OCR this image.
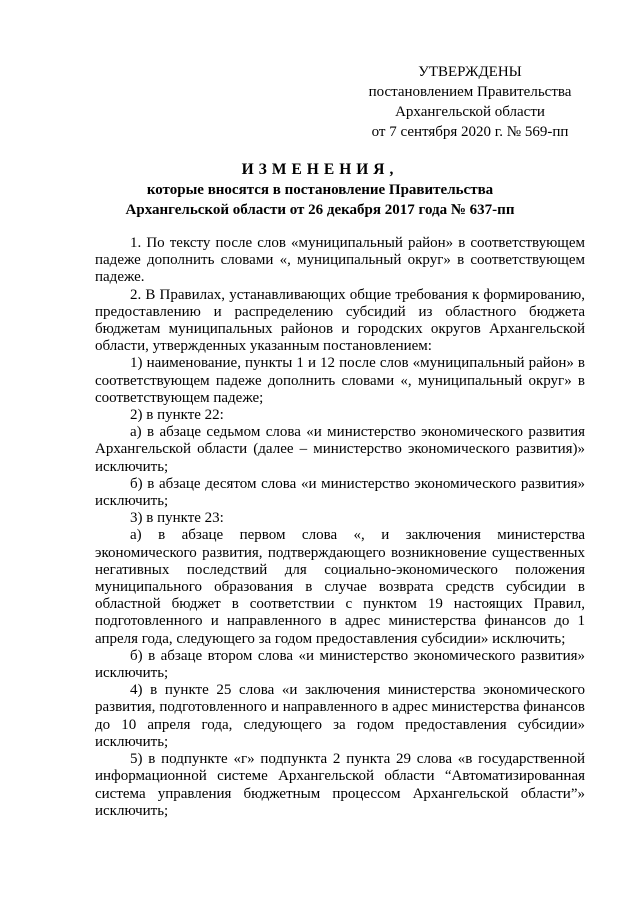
УТВЕРЖДЕНЫ
постановлением Правительства
Архангельской области
от 7 сентября 2020 г. № 569-пп
ИЗМЕНЕНИЯ,
которые вносятся в постановление Правительства
Архангельской области от 26 декабря 2017 года № 637-пп

1. По тексту после слов «муниципальный район» в соответствующем падеже дополнить словами «, муниципальный округ» в соответствующем падеже.

2. В Правилах, устанавливающих общие требования к формированию, предоставлению и распределению субсидий из областного бюджета бюджетам муниципальных районов и городских округов Архангельской области, утвержденных указанным постановлением:

1) наименование, пункты 1 и 12 после слов «муниципальный район» в соответствующем падеже дополнить словами «, муниципальный округ» в соответствующем падеже;

2) в пункте 22:

а) в абзаце седьмом слова «и министерство экономического развития Архангельской области (далее – министерство экономического развития)» исключить;

б) в абзаце десятом слова «и министерство экономического развития» исключить;

3) в пункте 23:

а) в абзаце первом слова «, и заключения министерства экономического развития, подтверждающего возникновение существенных негативных последствий для социально-экономического положения муниципального образования в случае возврата средств субсидии в областной бюджет в соответствии с пунктом 19 настоящих Правил, подготовленного и направленного в адрес министерства финансов до 1 апреля года, следующего за годом предоставления субсидии» исключить;

б) в абзаце втором слова «и министерство экономического развития» исключить;

4) в пункте 25 слова «и заключения министерства экономического развития, подготовленного и направленного в адрес министерства финансов до 10 апреля года, следующего за годом предоставления субсидии» исключить;

5) в подпункте «г» подпункта 2 пункта 29 слова «в государственной информационной системе Архангельской области “Автоматизированная система управления бюджетным процессом Архангельской области”» исключить;
